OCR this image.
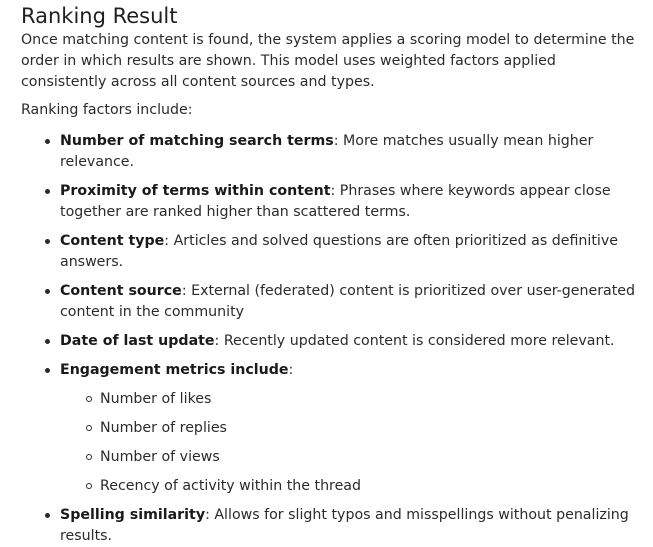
Ranking Result

Once matching content is found, the system applies a scoring model to determine the order in which results are shown. This model uses weighted factors applied consistently across all content sources and types.

Ranking factors include:

Number of matching search terms: More matches usually mean higher relevance.
Proximity of terms within content: Phrases where keywords appear close together are ranked higher than scattered terms.
Content type: Articles and solved questions are often prioritized as definitive answers.
Content source: External (federated) content is prioritized over user-generated content in the community
Date of last update: Recently updated content is considered more relevant.
Engagement metrics include:
Number of likes
Number of replies
Number of views
Recency of activity within the thread
Spelling similarity: Allows for slight typos and misspellings without penalizing results.
